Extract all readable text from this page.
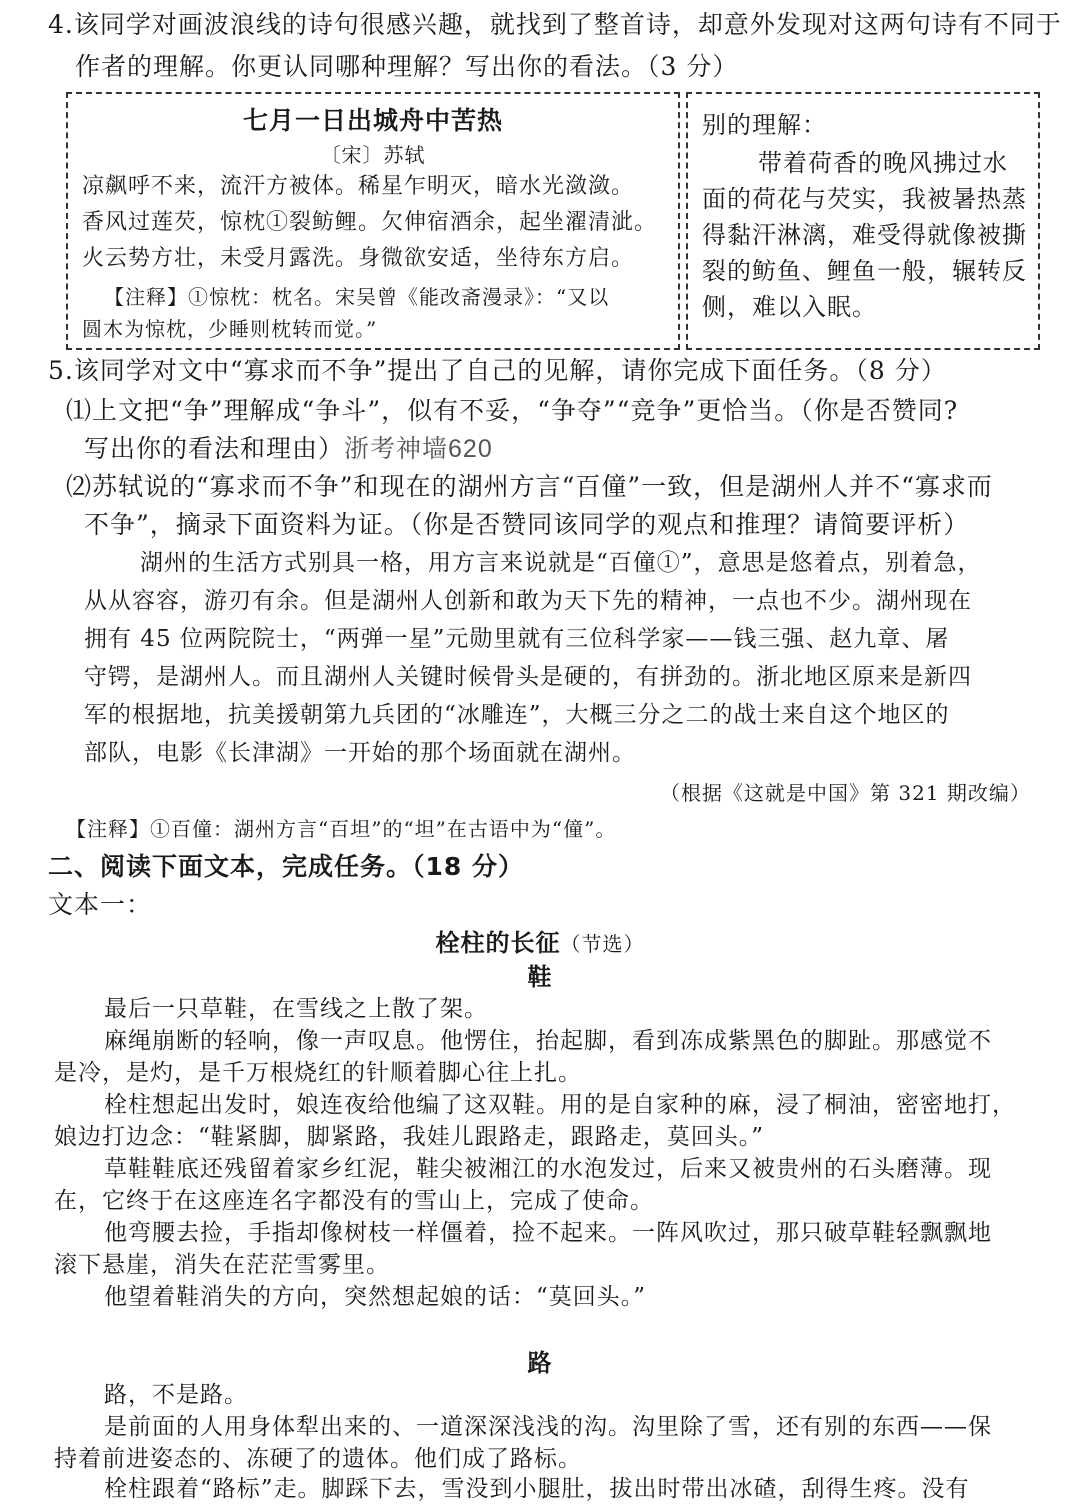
4.该同学对画波浪线的诗句很感兴趣，就找到了整首诗，却意外发现对这两句诗有不同于
作者的理解。你更认同哪种理解？写出你的看法。（3 分）
七月一日出城舟中苦热
〔宋〕苏轼
凉飙呼不来，流汗方被体。稀星乍明灭，暗水光潋潋。
香风过莲芡，惊枕①裂鲂鲤。欠伸宿酒余，起坐濯清泚。
火云势方壮，未受月露洗。身微欲安适，坐待东方启。
【注释】①惊枕：枕名。宋吴曾《能改斋漫录》：“又以
圆木为惊枕，少睡则枕转而觉。”
别的理解：
带着荷香的晚风拂过水
面的荷花与芡实，我被暑热蒸
得黏汗淋漓，难受得就像被撕
裂的鲂鱼、鲤鱼一般，辗转反
侧，难以入眠。
5.该同学对文中“寡求而不争”提出了自己的见解，请你完成下面任务。（8 分）
⑴上文把“争”理解成“争斗”，似有不妥，“争夺”“竞争”更恰当。（你是否赞同?
写出你的看法和理由）浙考神墙620
⑵苏轼说的“寡求而不争”和现在的湖州方言“百僮”一致，但是湖州人并不“寡求而
不争”，摘录下面资料为证。（你是否赞同该同学的观点和推理？请简要评析）
湖州的生活方式别具一格，用方言来说就是“百僮①”，意思是悠着点，别着急，
从从容容，游刃有余。但是湖州人创新和敢为天下先的精神，一点也不少。湖州现在
拥有 45 位两院院士，“两弹一星”元勋里就有三位科学家——钱三强、赵九章、屠
守锷，是湖州人。而且湖州人关键时候骨头是硬的，有拼劲的。浙北地区原来是新四
军的根据地，抗美援朝第九兵团的“冰雕连”，大概三分之二的战士来自这个地区的
部队，电影《长津湖》一开始的那个场面就在湖州。
（根据《这就是中国》第 321 期改编）
【注释】①百僮：湖州方言“百坦”的“坦”在古语中为“僮”。
二、阅读下面文本，完成任务。（18 分）
文本一：
栓柱的长征（节选）
鞋
最后一只草鞋，在雪线之上散了架。
麻绳崩断的轻响，像一声叹息。他愣住，抬起脚，看到冻成紫黑色的脚趾。那感觉不
是冷，是灼，是千万根烧红的针顺着脚心往上扎。
栓柱想起出发时，娘连夜给他编了这双鞋。用的是自家种的麻，浸了桐油，密密地打，
娘边打边念：“鞋紧脚，脚紧路，我娃儿跟路走，跟路走，莫回头。”
草鞋鞋底还残留着家乡红泥，鞋尖被湘江的水泡发过，后来又被贵州的石头磨薄。现
在，它终于在这座连名字都没有的雪山上，完成了使命。
他弯腰去捡，手指却像树枝一样僵着，捡不起来。一阵风吹过，那只破草鞋轻飘飘地
滚下悬崖，消失在茫茫雪雾里。
他望着鞋消失的方向，突然想起娘的话：“莫回头。”
路
路，不是路。
是前面的人用身体犁出来的、一道深深浅浅的沟。沟里除了雪，还有别的东西——保
持着前进姿态的、冻硬了的遗体。他们成了路标。
栓柱跟着“路标”走。脚踩下去，雪没到小腿肚，拔出时带出冰碴，刮得生疼。没有
